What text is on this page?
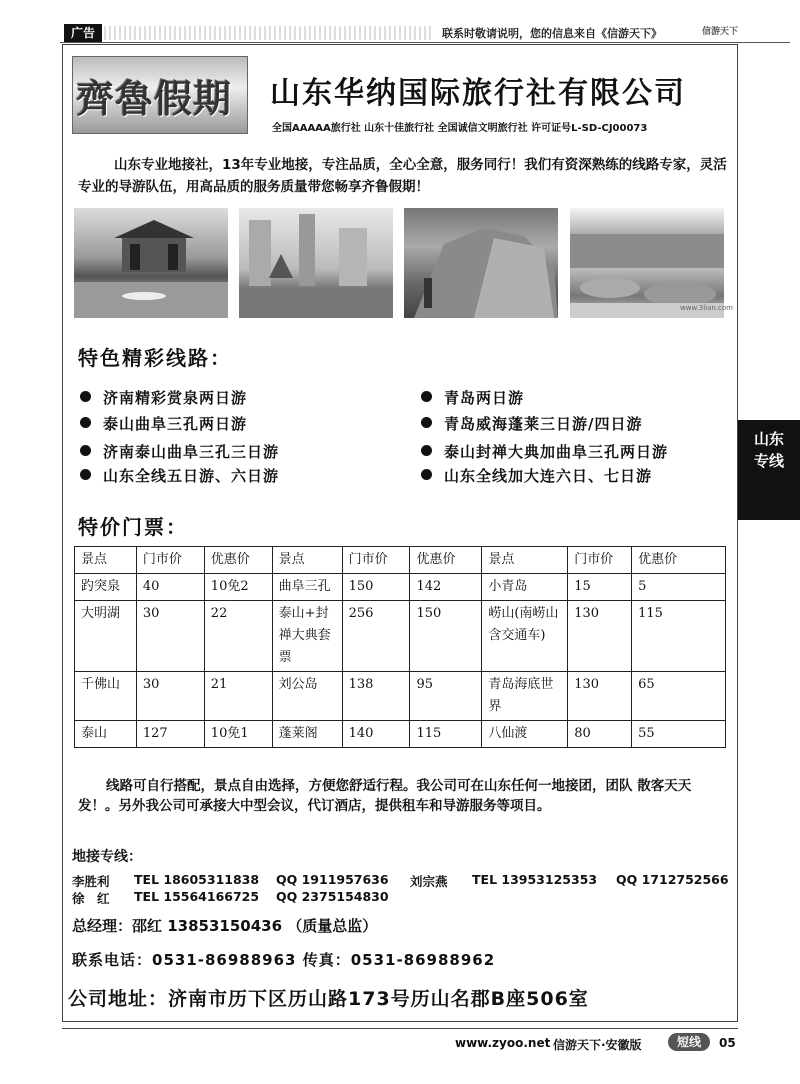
广告	联系时敬请说明，您的信息来自《信游天下》	信游天下
齊魯假期	山东华纳国际旅行社有限公司
全国AAAAA旅行社 山东十佳旅行社 全国诚信文明旅行社 许可证号L-SD-CJ00073
山东专业地接社，13年专业地接，专注品质，全心全意，服务同行！我们有资深熟练的线路专家，灵活专业的导游队伍，用高品质的服务质量带您畅享齐鲁假期！
www.3lian.com
特色精彩线路：
济南精彩赏泉两日游
泰山曲阜三孔两日游
济南泰山曲阜三孔三日游
山东全线五日游、六日游
青岛两日游
青岛威海蓬莱三日游/四日游
泰山封禅大典加曲阜三孔两日游
山东全线加大连六日、七日游
山东
专线
特价门票：
景点	门市价	优惠价	景点	门市价	优惠价	景点	门市价	优惠价
趵突泉	40	10免2	曲阜三孔	150	142	小青岛	15	5
大明湖	30	22	泰山+封禅大典套票	256	150	崂山(南崂山含交通车)	130	115
千佛山	30	21	刘公岛	138	95	青岛海底世界	130	65
泰山	127	10免1	蓬莱阁	140	115	八仙渡	80	55
线路可自行搭配，景点自由选择，方便您舒适行程。我公司可在山东任何一地接团，团队 散客天天发！。另外我公司可承接大中型会议，代订酒店，提供租车和导游服务等项目。
地接专线：
李胜利 TEL 18605311838 QQ 1911957636 刘宗燕 TEL 13953125353 QQ 1712752566
徐　红 TEL 15564166725 QQ 2375154830
总经理：邵红 13853150436 （质量总监）
联系电话：0531-86988963 传真：0531-86988962
公司地址：济南市历下区历山路173号历山名郡B座506室
www.zyoo.net 信游天下·安徽版	短线	05
